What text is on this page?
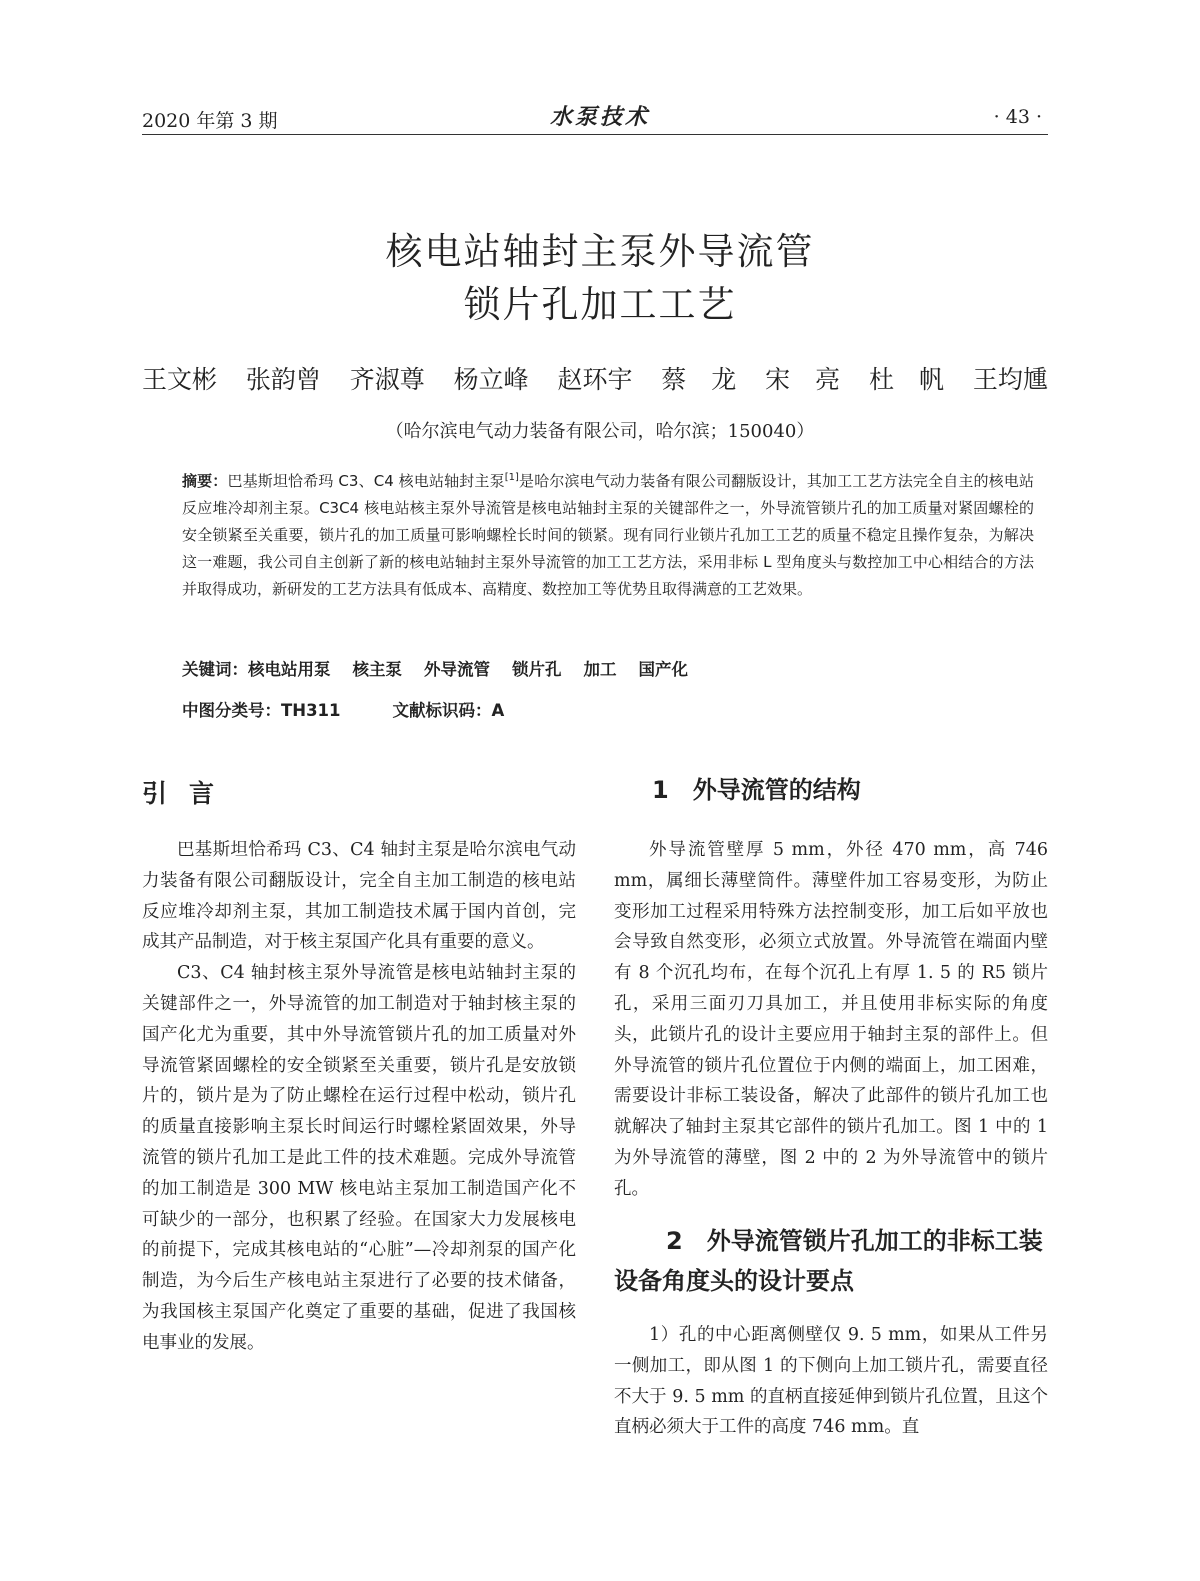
2020 年第 3 期	水泵技术	· 43 ·
核电站轴封主泵外导流管
锁片孔加工工艺
王文彬 张韵曾 齐淑尊 杨立峰 赵环宇 蔡　龙 宋　亮 杜　帆 王均尰
（哈尔滨电气动力装备有限公司，哈尔滨；150040）
摘要：巴基斯坦恰希玛 C3、C4 核电站轴封主泵[1]是哈尔滨电气动力装备有限公司翻版设计，其加工工艺方法完全自主的核电站反应堆冷却剂主泵。C3C4 核电站核主泵外导流管是核电站轴封主泵的关键部件之一，外导流管锁片孔的加工质量对紧固螺栓的安全锁紧至关重要，锁片孔的加工质量可影响螺栓长时间的锁紧。现有同行业锁片孔加工工艺的质量不稳定且操作复杂，为解决这一难题，我公司自主创新了新的核电站轴封主泵外导流管的加工工艺方法，采用非标 L 型角度头与数控加工中心相结合的方法并取得成功，新研发的工艺方法具有低成本、高精度、数控加工等优势且取得满意的工艺效果。
关键词：核电站用泵 核主泵 外导流管 锁片孔 加工 国产化
中图分类号：TH311	文献标识码：A
引言

巴基斯坦恰希玛 C3、C4 轴封主泵是哈尔滨电气动力装备有限公司翻版设计，完全自主加工制造的核电站反应堆冷却剂主泵，其加工制造技术属于国内首创，完成其产品制造，对于核主泵国产化具有重要的意义。

C3、C4 轴封核主泵外导流管是核电站轴封主泵的关键部件之一，外导流管的加工制造对于轴封核主泵的国产化尤为重要，其中外导流管锁片孔的加工质量对外导流管紧固螺栓的安全锁紧至关重要，锁片孔是安放锁片的，锁片是为了防止螺栓在运行过程中松动，锁片孔的质量直接影响主泵长时间运行时螺栓紧固效果，外导流管的锁片孔加工是此工件的技术难题。完成外导流管的加工制造是 300 MW 核电站主泵加工制造国产化不可缺少的一部分，也积累了经验。在国家大力发展核电的前提下，完成其核电站的“心脏”—冷却剂泵的国产化制造，为今后生产核电站主泵进行了必要的技术储备，为我国核主泵国产化奠定了重要的基础，促进了我国核电事业的发展。

1　外导流管的结构

外导流管壁厚 5 mm，外径 470 mm，高 746 mm，属细长薄壁筒件。薄壁件加工容易变形，为防止变形加工过程采用特殊方法控制变形，加工后如平放也会导致自然变形，必须立式放置。外导流管在端面内壁有 8 个沉孔均布，在每个沉孔上有厚 1. 5 的 R5 锁片孔，采用三面刃刀具加工，并且使用非标实际的角度头，此锁片孔的设计主要应用于轴封主泵的部件上。但外导流管的锁片孔位置位于内侧的端面上，加工困难，需要设计非标工装设备，解决了此部件的锁片孔加工也就解决了轴封主泵其它部件的锁片孔加工。图 1 中的 1 为外导流管的薄壁，图 2 中的 2 为外导流管中的锁片孔。

2　外导流管锁片孔加工的非标工装设备角度头的设计要点

1）孔的中心距离侧壁仅 9. 5 mm，如果从工件另一侧加工，即从图 1 的下侧向上加工锁片孔，需要直径不大于 9. 5 mm 的直柄直接延伸到锁片孔位置，且这个直柄必须大于工件的高度 746 mm。直
